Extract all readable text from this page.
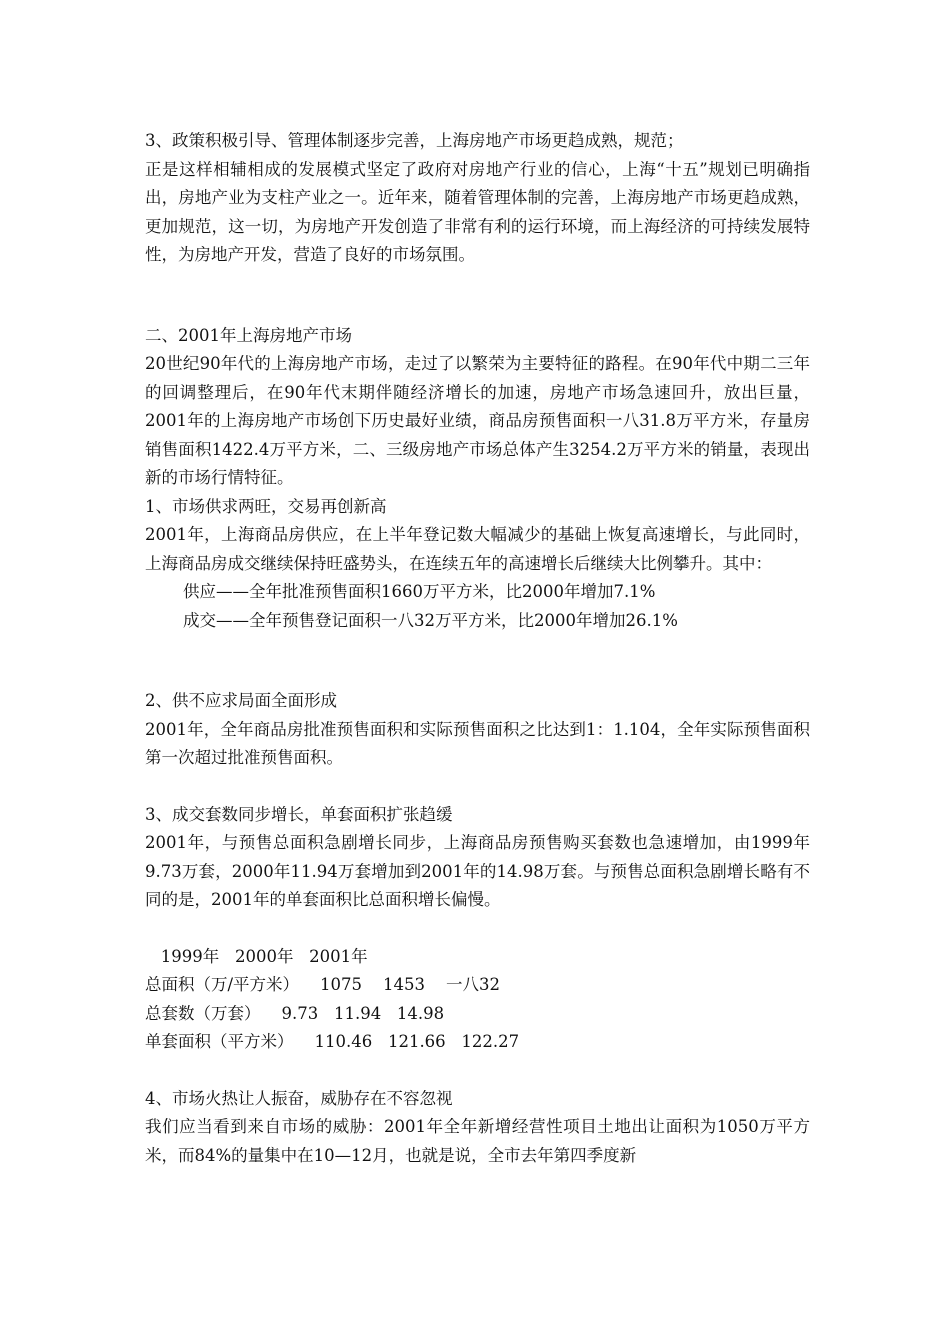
3、政策积极引导、管理体制逐步完善，上海房地产市场更趋成熟，规范；

正是这样相辅相成的发展模式坚定了政府对房地产行业的信心，上海“十五”规划已明确指出，房地产业为支柱产业之一。近年来，随着管理体制的完善，上海房地产市场更趋成熟，更加规范，这一切，为房地产开发创造了非常有利的运行环境，而上海经济的可持续发展特性，为房地产开发，营造了良好的市场氛围。

二、2001年上海房地产市场

20世纪90年代的上海房地产市场，走过了以繁荣为主要特征的路程。在90年代中期二三年的回调整理后，在90年代末期伴随经济增长的加速，房地产市场急速回升，放出巨量，2001年的上海房地产市场创下历史最好业绩，商品房预售面积一八31.8万平方米，存量房销售面积1422.4万平方米，二、三级房地产市场总体产生3254.2万平方米的销量，表现出新的市场行情特征。

1、市场供求两旺，交易再创新高

2001年，上海商品房供应，在上半年登记数大幅减少的基础上恢复高速增长，与此同时，上海商品房成交继续保持旺盛势头，在连续五年的高速增长后继续大比例攀升。其中：

供应——全年批准预售面积1660万平方米，比2000年增加7.1%

成交——全年预售登记面积一八32万平方米，比2000年增加26.1%

2、供不应求局面全面形成

2001年，全年商品房批准预售面积和实际预售面积之比达到1：1.104，全年实际预售面积第一次超过批准预售面积。

3、成交套数同步增长，单套面积扩张趋缓

2001年，与预售总面积急剧增长同步，上海商品房预售购买套数也急速增加，由1999年9.73万套，2000年11.94万套增加到2001年的14.98万套。与预售总面积急剧增长略有不同的是，2001年的单套面积比总面积增长偏慢。

1999年   2000年   2001年
总面积（万/平方米）    1075    1453    一八32
总套数（万套）    9.73   11.94   14.98
单套面积（平方米）    110.46   121.66   122.27

4、市场火热让人振奋，威胁存在不容忽视

我们应当看到来自市场的威胁：2001年全年新增经营性项目土地出让面积为1050万平方米，而84%的量集中在10—12月，也就是说，全市去年第四季度新
